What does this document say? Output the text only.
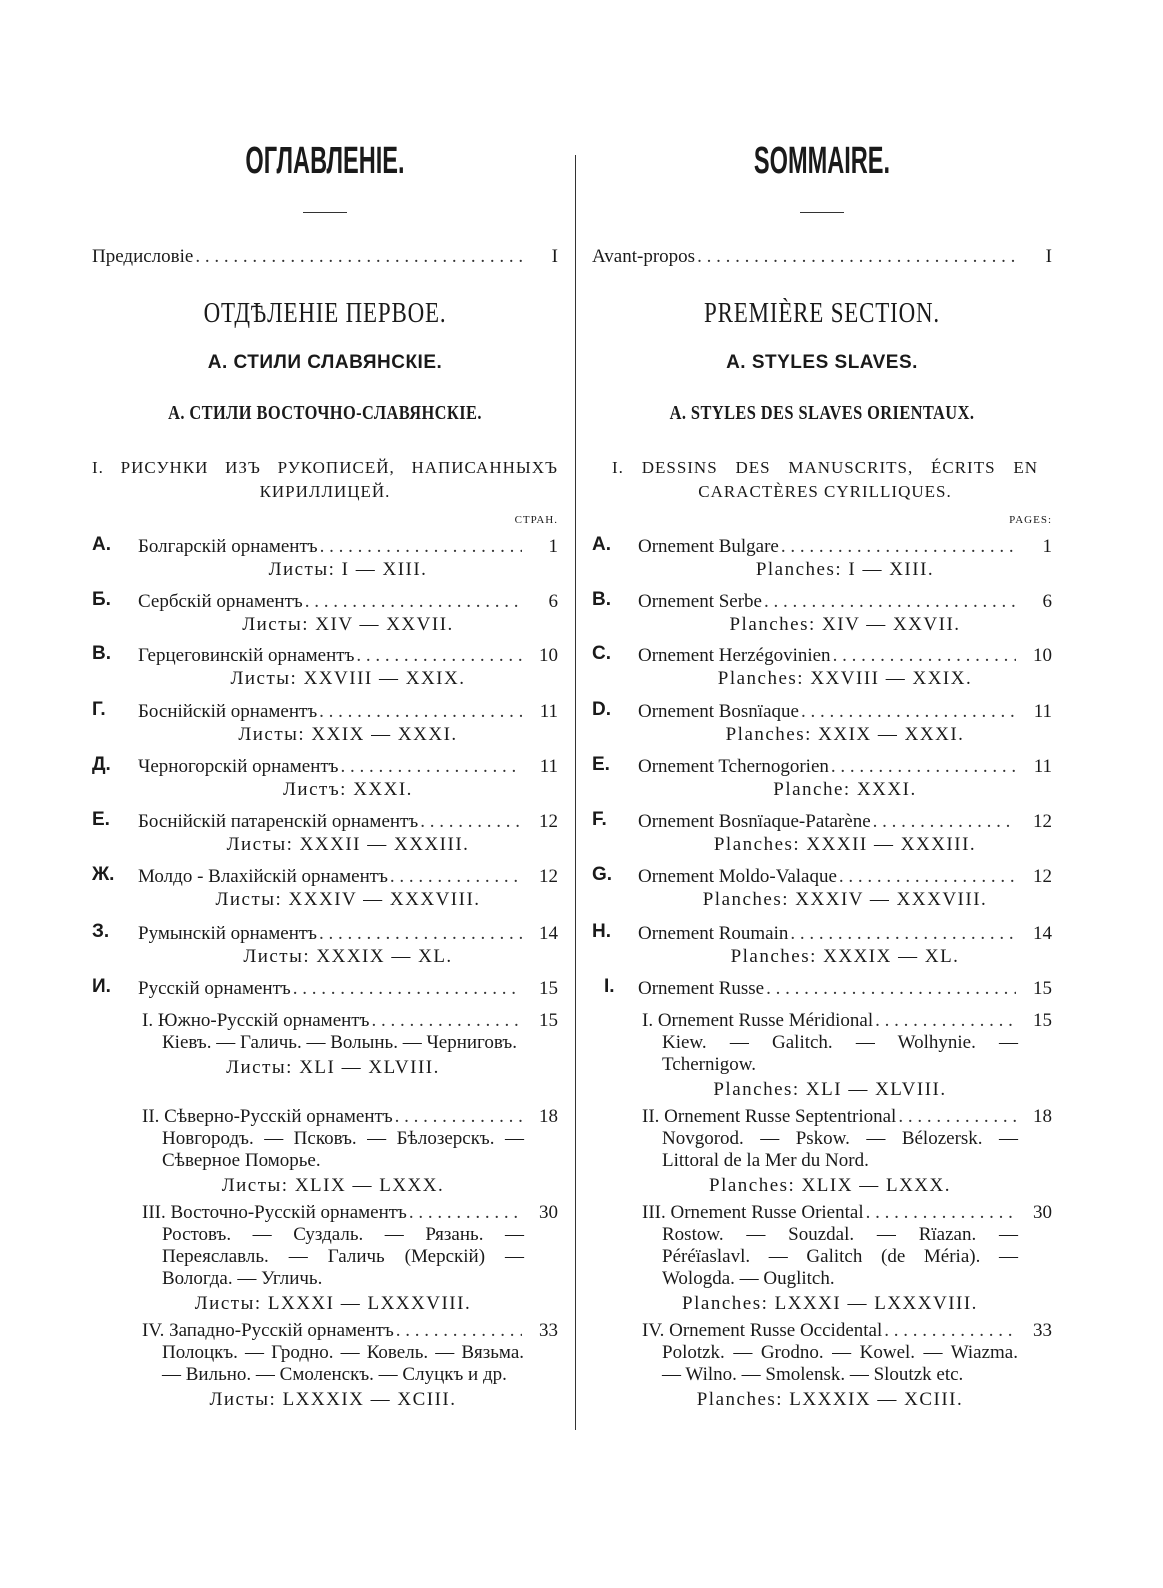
ОГЛАВЛЕНІЕ.
Предисловіе . . .	I
ОТДѢЛЕНІЕ ПЕРВОЕ.
А. СТИЛИ СЛАВЯНСКІЕ.
А. СТИЛИ ВОСТОЧНО-СЛАВЯНСКІЕ.
I. РИСУНКИ ИЗЪ РУКОПИСЕЙ, НАПИСАННЫХЪ
КИРИЛЛИЦЕЙ.
СТРАН.
А. Болгарскій орнаментъ . . .	1
Листы: I — XIII.
Б. Сербскій орнаментъ . . .	6
Листы: XIV — XXVII.
В. Герцеговинскій орнаментъ . . .	10
Листы: XXVIII — XXIX.
Г. Боснійскій орнаментъ . . .	11
Листы: XXIX — XXXI.
Д. Черногорскій орнаментъ . . .	11
Листъ: XXXI.
Е. Боснійскій патаренскій орнаментъ . . .	12
Листы: XXXII — XXXIII.
Ж. Молдо - Влахійскій орнаментъ . . .	12
Листы: XXXIV — XXXVIII.
З. Румынскій орнаментъ . . .	14
Листы: XXXIX — XL.
И. Русскій орнаментъ . . .	15
I. Южно-Русскій орнаментъ . . .	15
Кіевъ. — Галичь. — Волынь. — Черниговъ.
Листы: XLI — XLVIII.
II. Сѣверно-Русскій орнаментъ . . .	18
Новгородъ. — Псковъ. — Бѣлозерскъ. — Сѣверное Поморье.
Листы: XLIX — LXXX.
III. Восточно-Русскій орнаментъ . . .	30
Ростовъ. — Суздаль. — Рязань. — Переяславль. — Галичь (Мерскій) — Вологда. — Угличь.
Листы: LXXXI — LXXXVIII.
IV. Западно-Русскій орнаментъ . . .	33
Полоцкъ. — Гродно. — Ковель. — Вязьма. — Вильно. — Смоленскъ. — Слуцкъ и др.
Листы: LXXXIX — XCIII.
SOMMAIRE.
Avant-propos . . .	I
PREMIÈRE SECTION.
A. STYLES SLAVES.
A. STYLES DES SLAVES ORIENTAUX.
I. DESSINS DES MANUSCRITS, ÉCRITS EN
CARACTÈRES CYRILLIQUES.
PAGES:
A. Ornement Bulgare . . .	1
Planches: I — XIII.
B. Ornement Serbe . . .	6
Planches: XIV — XXVII.
C. Ornement Herzégovinien . . .	10
Planches: XXVIII — XXIX.
D. Ornement Bosnïaque . . .	11
Planches: XXIX — XXXI.
E. Ornement Tchernogorien . . .	11
Planche: XXXI.
F. Ornement Bosnïaque-Patarène . . .	12
Planches: XXXII — XXXIII.
G. Ornement Moldo-Valaque . . .	12
Planches: XXXIV — XXXVIII.
H. Ornement Roumain . . .	14
Planches: XXXIX — XL.
I. Ornement Russe . . .	15
I. Ornement Russe Méridional . . .	15
Kiew. — Galitch. — Wolhynie. — Tchernigow.
Planches: XLI — XLVIII.
II. Ornement Russe Septentrional . . .	18
Novgorod. — Pskow. — Bélozersk. — Littoral de la Mer du Nord.
Planches: XLIX — LXXX.
III. Ornement Russe Oriental . . .	30
Rostow. — Souzdal. — Rïazan. — Péréïaslavl. — Galitch (de Méria). — Wologda. — Ouglitch.
Planches: LXXXI — LXXXVIII.
IV. Ornement Russe Occidental . . .	33
Polotzk. — Grodno. — Kowel. — Wiazma. — Wilno. — Smolensk. — Sloutzk etc.
Planches: LXXXIX — XCIII.
